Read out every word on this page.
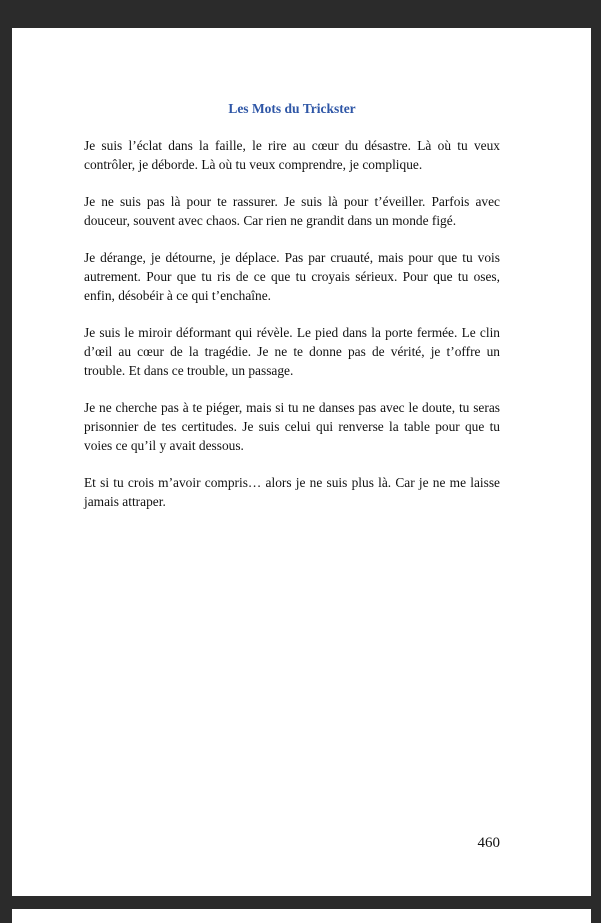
Les Mots du Trickster

Je suis l’éclat dans la faille, le rire au cœur du désastre. Là où tu veux contrôler, je déborde. Là où tu veux comprendre, je complique.

Je ne suis pas là pour te rassurer. Je suis là pour t’éveiller. Parfois avec douceur, souvent avec chaos. Car rien ne grandit dans un monde figé.

Je dérange, je détourne, je déplace. Pas par cruauté, mais pour que tu vois autrement. Pour que tu ris de ce que tu croyais sérieux. Pour que tu oses, enfin, désobéir à ce qui t’enchaîne.

Je suis le miroir déformant qui révèle. Le pied dans la porte fermée. Le clin d’œil au cœur de la tragédie. Je ne te donne pas de vérité, je t’offre un trouble. Et dans ce trouble, un passage.

Je ne cherche pas à te piéger, mais si tu ne danses pas avec le doute, tu seras prisonnier de tes certitudes. Je suis celui qui renverse la table pour que tu voies ce qu’il y avait dessous.

Et si tu crois m’avoir compris… alors je ne suis plus là. Car je ne me laisse jamais attraper.

460
